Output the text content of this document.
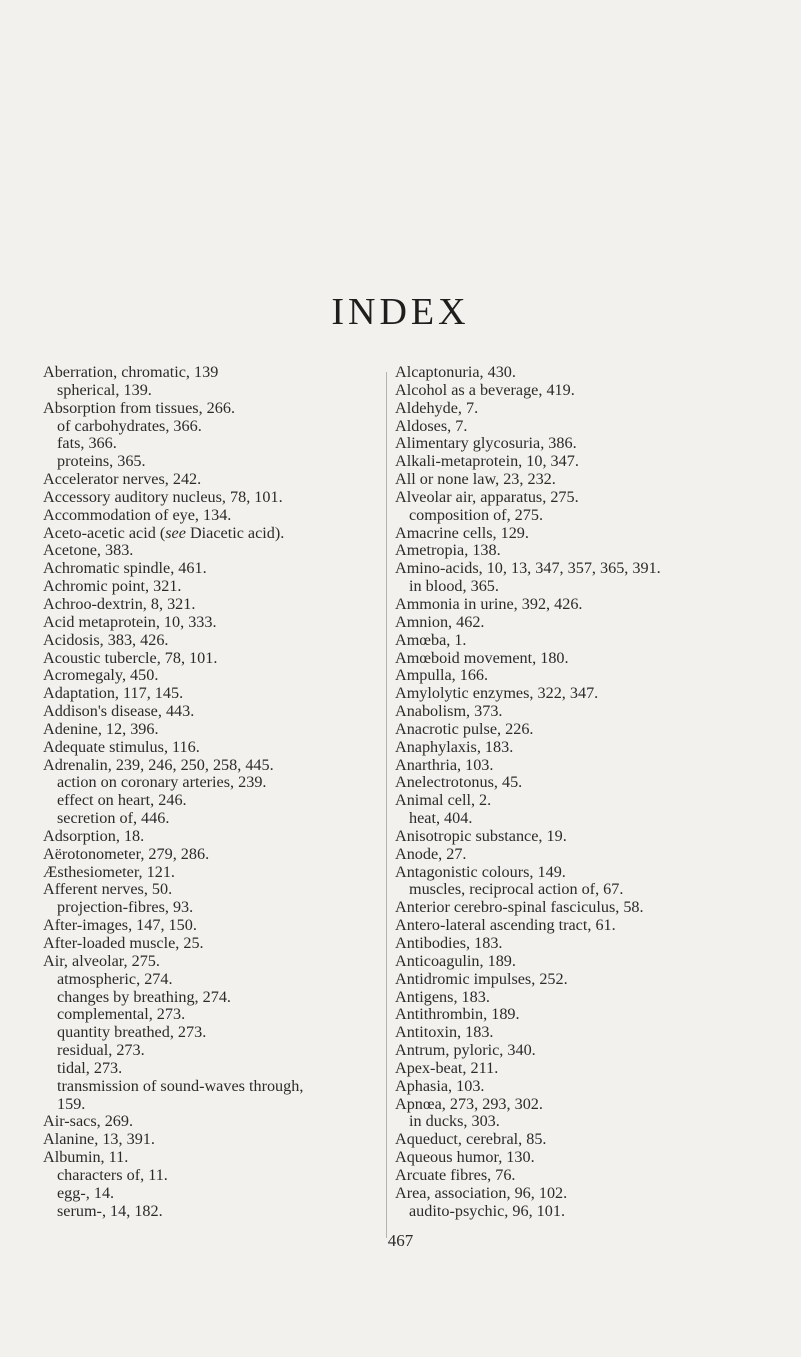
INDEX
Aberration, chromatic, 139
spherical, 139.
Absorption from tissues, 266.
of carbohydrates, 366.
fats, 366.
proteins, 365.
Accelerator nerves, 242.
Accessory auditory nucleus, 78, 101.
Accommodation of eye, 134.
Aceto-acetic acid (see Diacetic acid).
Acetone, 383.
Achromatic spindle, 461.
Achromic point, 321.
Achroo-dextrin, 8, 321.
Acid metaprotein, 10, 333.
Acidosis, 383, 426.
Acoustic tubercle, 78, 101.
Acromegaly, 450.
Adaptation, 117, 145.
Addison's disease, 443.
Adenine, 12, 396.
Adequate stimulus, 116.
Adrenalin, 239, 246, 250, 258, 445.
action on coronary arteries, 239.
effect on heart, 246.
secretion of, 446.
Adsorption, 18.
Aërotonometer, 279, 286.
Æsthesiometer, 121.
Afferent nerves, 50.
projection-fibres, 93.
After-images, 147, 150.
After-loaded muscle, 25.
Air, alveolar, 275.
atmospheric, 274.
changes by breathing, 274.
complemental, 273.
quantity breathed, 273.
residual, 273.
tidal, 273.
transmission of sound-waves through,
159.
Air-sacs, 269.
Alanine, 13, 391.
Albumin, 11.
characters of, 11.
egg-, 14.
serum-, 14, 182.
Alcaptonuria, 430.
Alcohol as a beverage, 419.
Aldehyde, 7.
Aldoses, 7.
Alimentary glycosuria, 386.
Alkali-metaprotein, 10, 347.
All or none law, 23, 232.
Alveolar air, apparatus, 275.
composition of, 275.
Amacrine cells, 129.
Ametropia, 138.
Amino-acids, 10, 13, 347, 357, 365, 391.
in blood, 365.
Ammonia in urine, 392, 426.
Amnion, 462.
Amœba, 1.
Amœboid movement, 180.
Ampulla, 166.
Amylolytic enzymes, 322, 347.
Anabolism, 373.
Anacrotic pulse, 226.
Anaphylaxis, 183.
Anarthria, 103.
Anelectrotonus, 45.
Animal cell, 2.
heat, 404.
Anisotropic substance, 19.
Anode, 27.
Antagonistic colours, 149.
muscles, reciprocal action of, 67.
Anterior cerebro-spinal fasciculus, 58.
Antero-lateral ascending tract, 61.
Antibodies, 183.
Anticoagulin, 189.
Antidromic impulses, 252.
Antigens, 183.
Antithrombin, 189.
Antitoxin, 183.
Antrum, pyloric, 340.
Apex-beat, 211.
Aphasia, 103.
Apnœa, 273, 293, 302.
in ducks, 303.
Aqueduct, cerebral, 85.
Aqueous humor, 130.
Arcuate fibres, 76.
Area, association, 96, 102.
audito-psychic, 96, 101.
467
